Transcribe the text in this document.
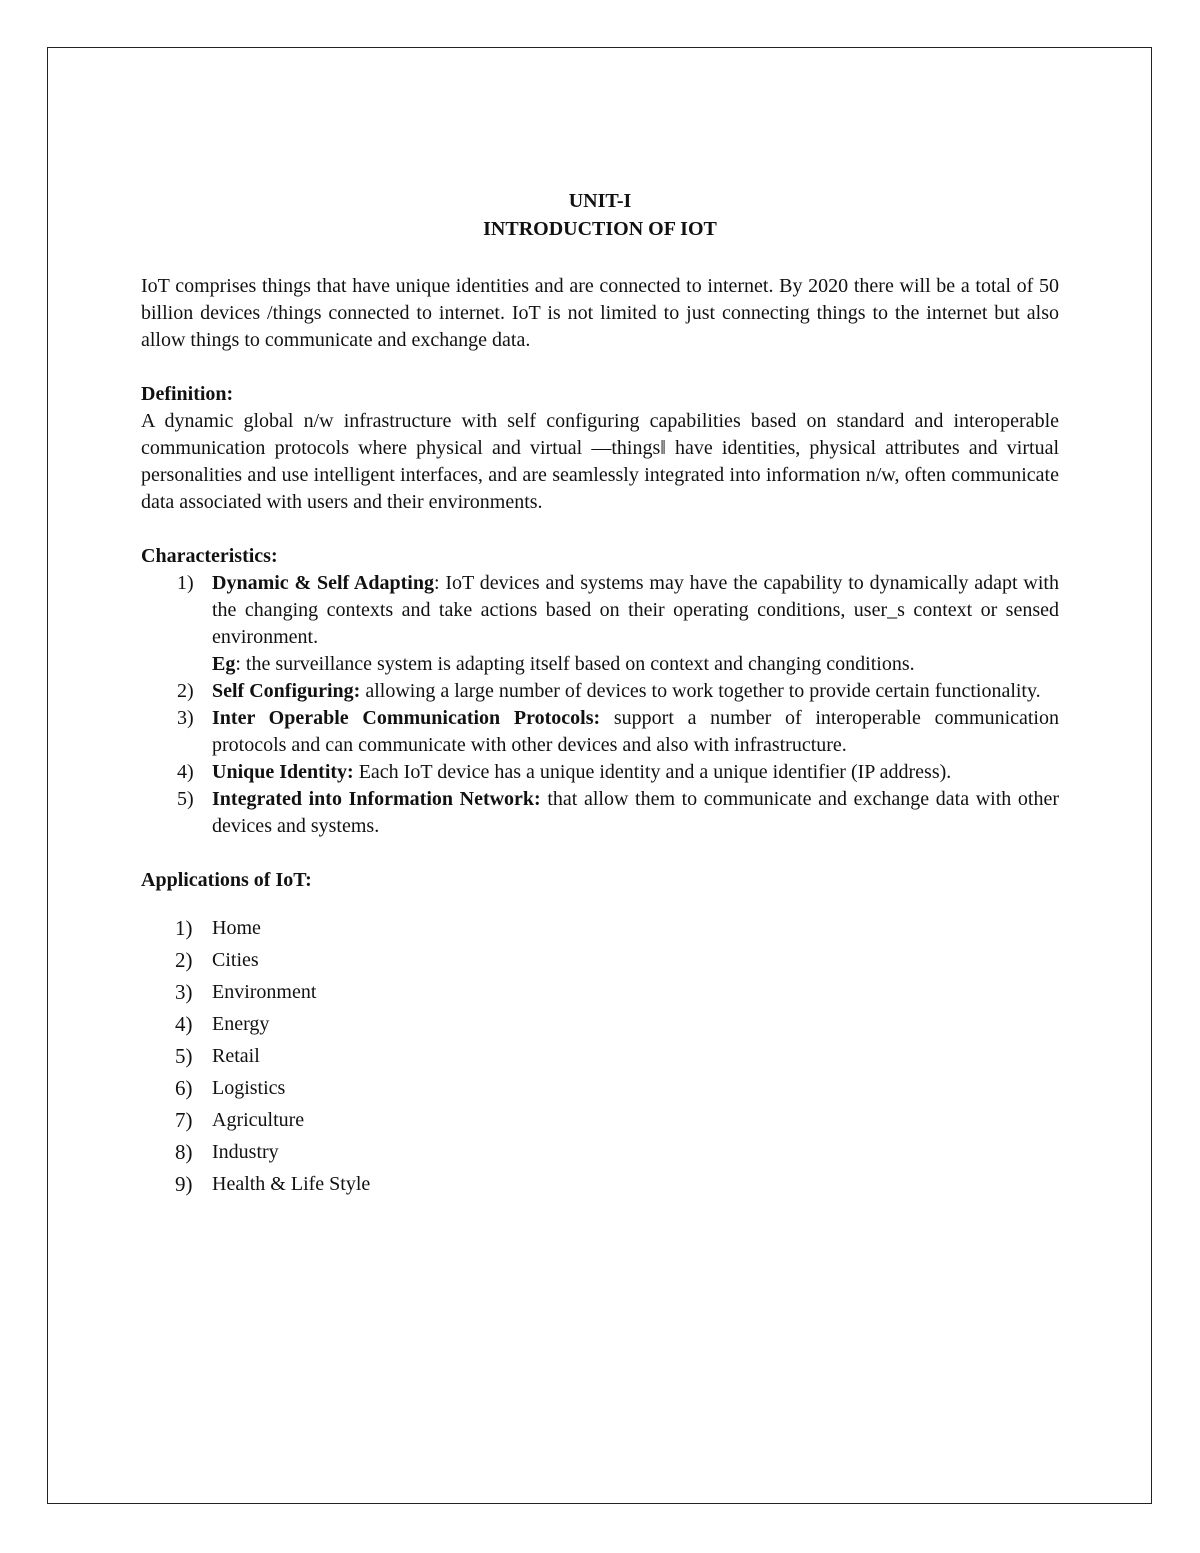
UNIT-I
INTRODUCTION OF IOT

IoT comprises things that have unique identities and are connected to internet. By 2020 there will be a total of 50 billion devices /things connected to internet. IoT is not limited to just connecting things to the internet but also allow things to communicate and exchange data.

Definition:
A dynamic global n/w infrastructure with self configuring capabilities based on standard and interoperable communication protocols where physical and virtual ―things‖ have identities, physical attributes and virtual personalities and use intelligent interfaces, and are seamlessly integrated into information n/w, often communicate data associated with users and their environments.
Characteristics:
1) Dynamic & Self Adapting: IoT devices and systems may have the capability to dynamically adapt with the changing contexts and take actions based on their operating conditions, user_s context or sensed environment.
Eg: the surveillance system is adapting itself based on context and changing conditions.
2) Self Configuring: allowing a large number of devices to work together to provide certain functionality.
3) Inter Operable Communication Protocols: support a number of interoperable communication protocols and can communicate with other devices and also with infrastructure.
4) Unique Identity: Each IoT device has a unique identity and a unique identifier (IP address).
5) Integrated into Information Network: that allow them to communicate and exchange data with other devices and systems.
Applications of IoT:
1) Home
2) Cities
3) Environment
4) Energy
5) Retail
6) Logistics
7) Agriculture
8) Industry
9) Health & Life Style
